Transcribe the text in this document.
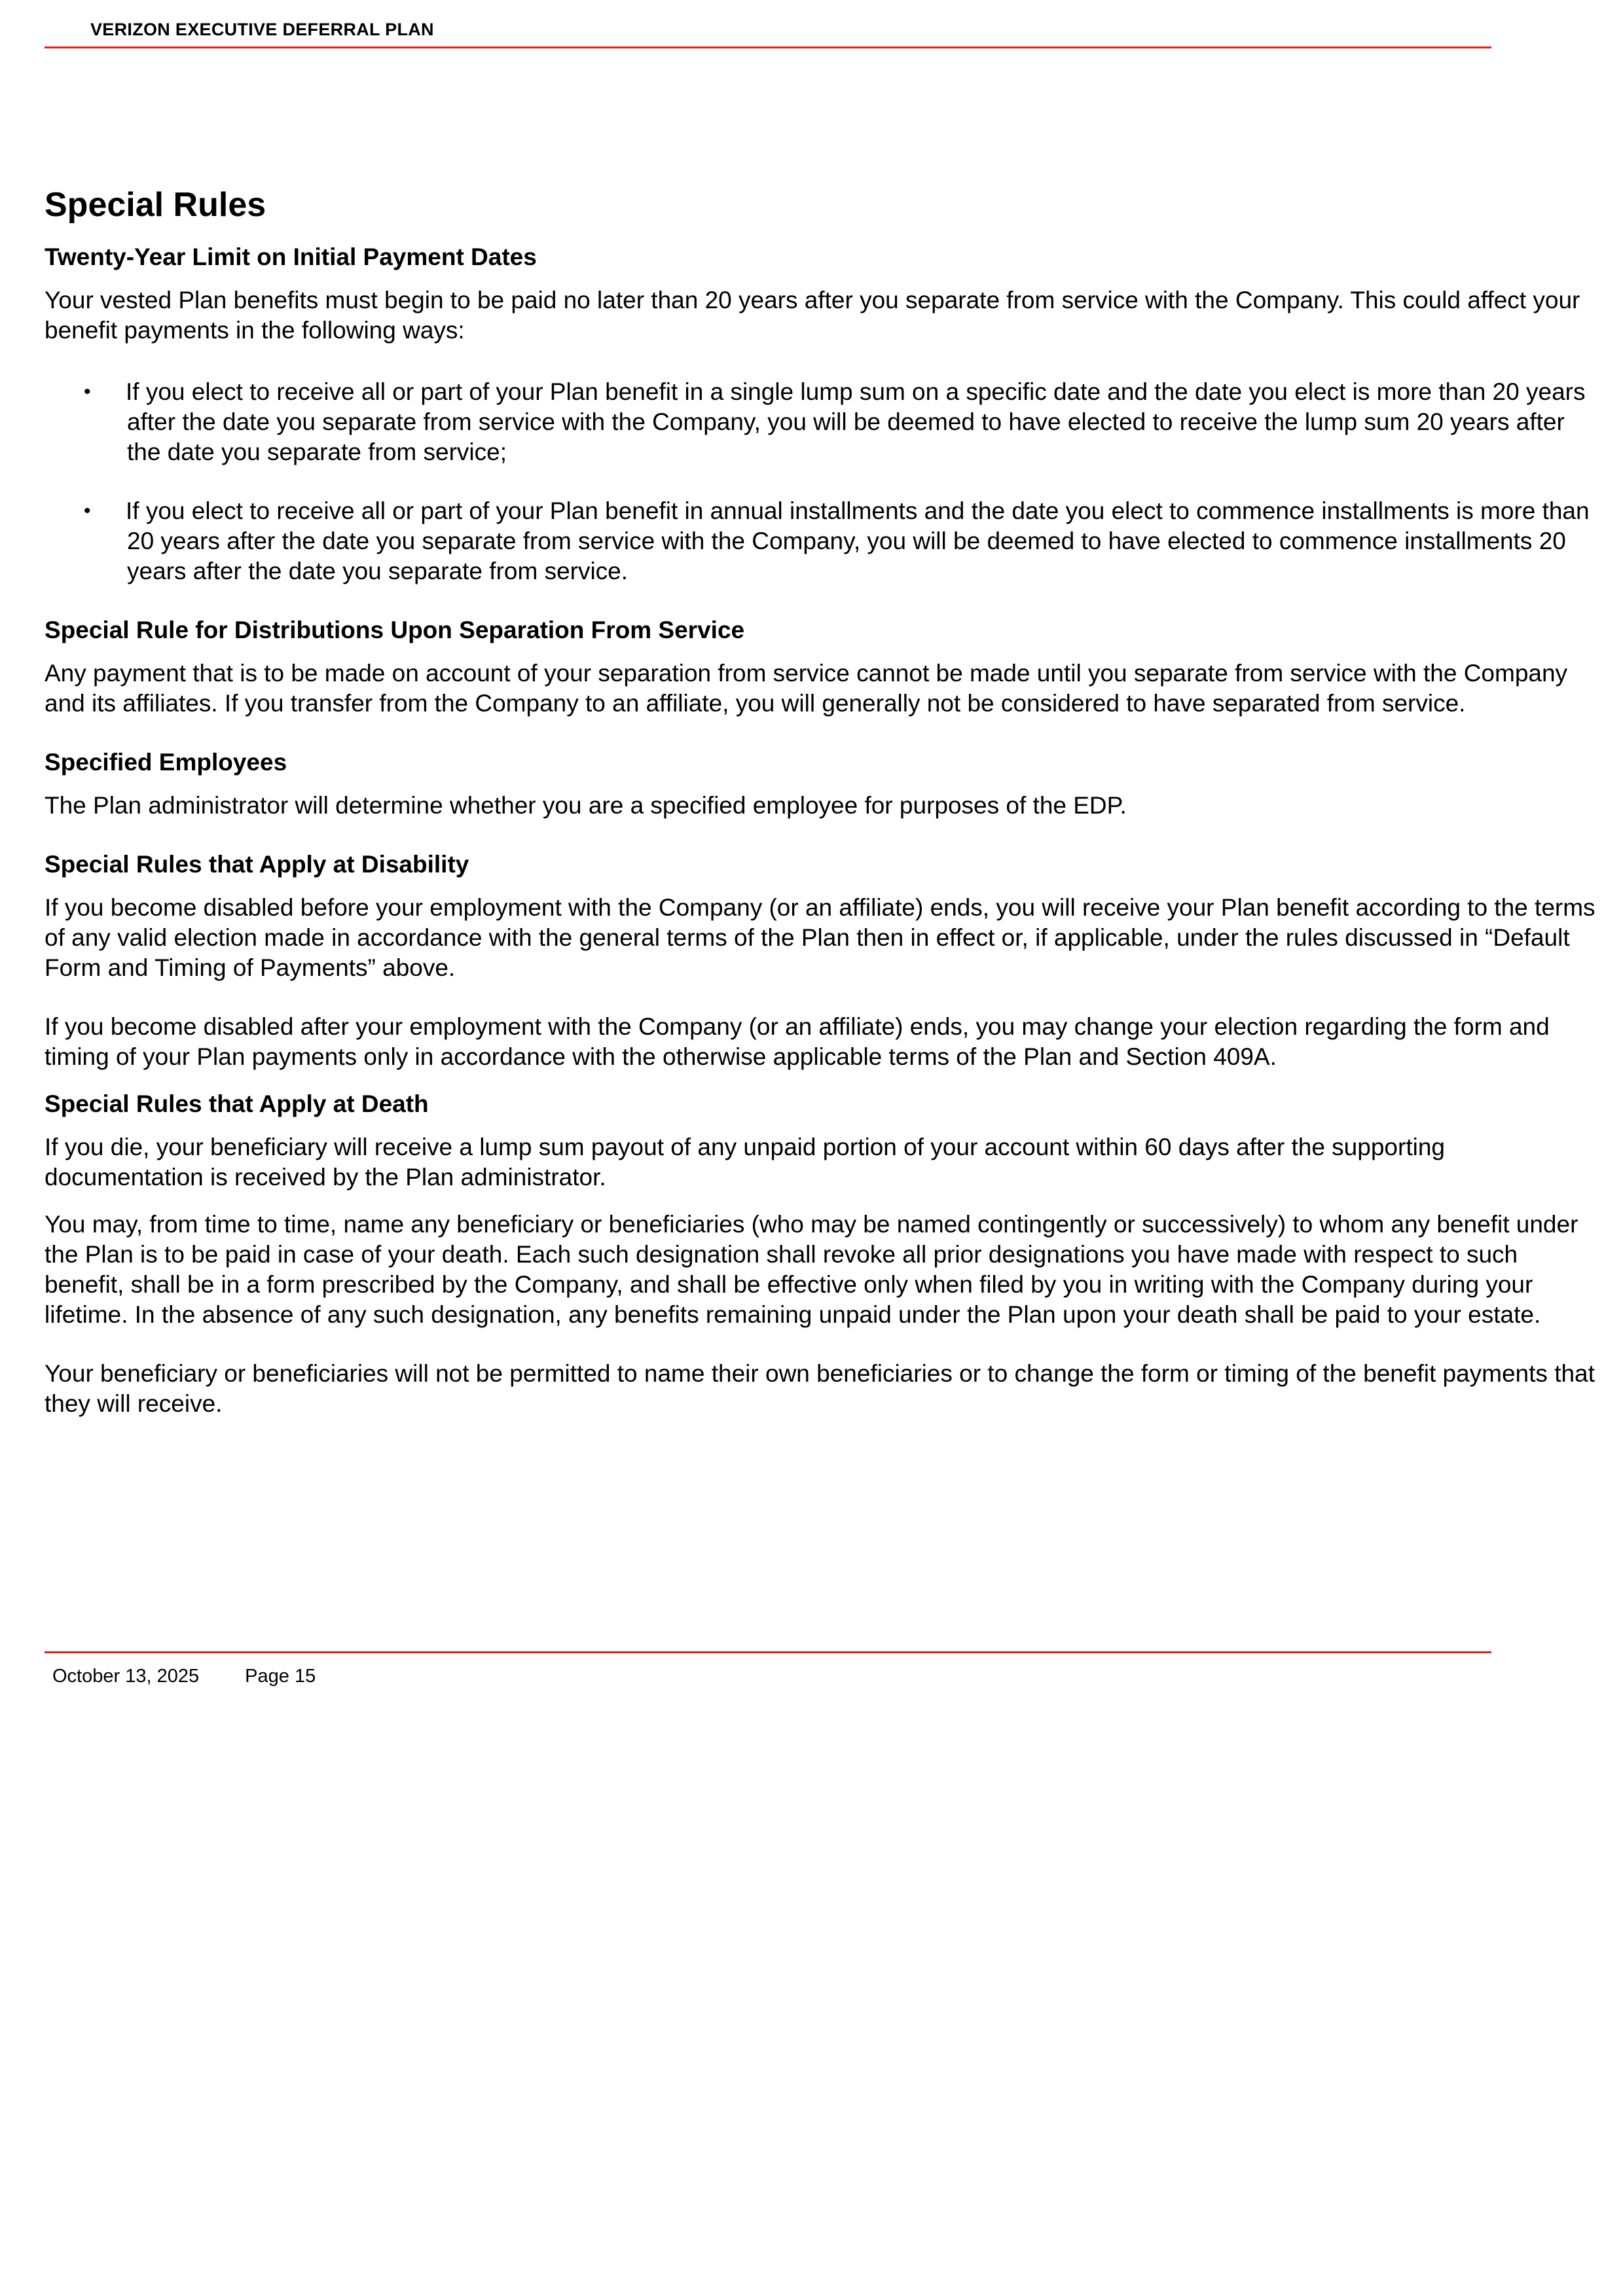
VERIZON EXECUTIVE DEFERRAL PLAN
Special Rules
Twenty-Year Limit on Initial Payment Dates

Your vested Plan benefits must begin to be paid no later than 20 years after you separate from service with the Company. This could affect your benefit payments in the following ways:

• If you elect to receive all or part of your Plan benefit in a single lump sum on a specific date and the date you elect is more than 20 years after the date you separate from service with the Company, you will be deemed to have elected to receive the lump sum 20 years after the date you separate from service;
• If you elect to receive all or part of your Plan benefit in annual installments and the date you elect to commence installments is more than 20 years after the date you separate from service with the Company, you will be deemed to have elected to commence installments 20 years after the date you separate from service.
Special Rule for Distributions Upon Separation From Service

Any payment that is to be made on account of your separation from service cannot be made until you separate from service with the Company and its affiliates. If you transfer from the Company to an affiliate, you will generally not be considered to have separated from service.

Specified Employees

The Plan administrator will determine whether you are a specified employee for purposes of the EDP.

Special Rules that Apply at Disability

If you become disabled before your employment with the Company (or an affiliate) ends, you will receive your Plan benefit according to the terms of any valid election made in accordance with the general terms of the Plan then in effect or, if applicable, under the rules discussed in “Default Form and Timing of Payments” above.

If you become disabled after your employment with the Company (or an affiliate) ends, you may change your election regarding the form and timing of your Plan payments only in accordance with the otherwise applicable terms of the Plan and Section 409A.

Special Rules that Apply at Death

If you die, your beneficiary will receive a lump sum payout of any unpaid portion of your account within 60 days after the supporting documentation is received by the Plan administrator.

You may, from time to time, name any beneficiary or beneficiaries (who may be named contingently or successively) to whom any benefit under the Plan is to be paid in case of your death. Each such designation shall revoke all prior designations you have made with respect to such benefit, shall be in a form prescribed by the Company, and shall be effective only when filed by you in writing with the Company during your lifetime. In the absence of any such designation, any benefits remaining unpaid under the Plan upon your death shall be paid to your estate.

Your beneficiary or beneficiaries will not be permitted to name their own beneficiaries or to change the form or timing of the benefit payments that they will receive.

October 13, 2025 Page 15
